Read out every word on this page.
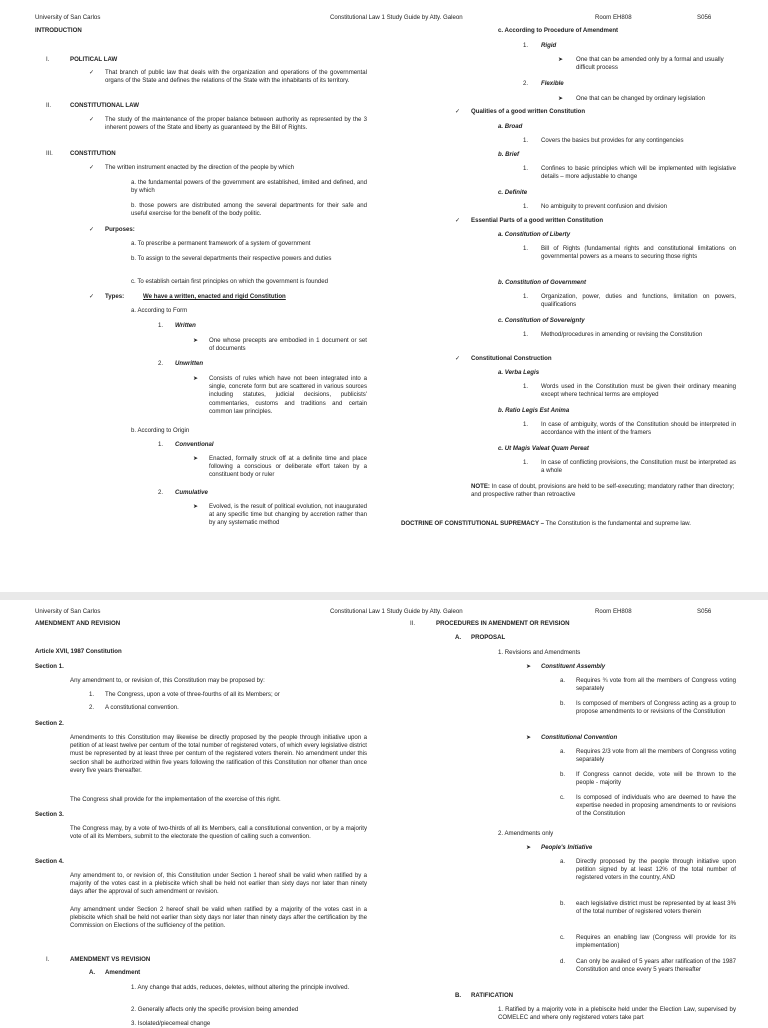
University of San Carlos	Constitutional Law 1 Study Guide by Atty. Galeon	Room EH808	S056
INTRODUCTION
I.	POLITICAL LAW
✓ That branch of public law that deals with the organization and operations of the governmental organs of the State and defines the relations of the State with the inhabitants of its territory.
II.	CONSTITUTIONAL LAW
✓ The study of the maintenance of the proper balance between authority as represented by the 3 inherent powers of the State and liberty as guaranteed by the Bill of Rights.
III.	CONSTITUTION
✓ The written instrument enacted by the direction of the people by which
a. the fundamental powers of the government are established, limited and defined, and by which
b. those powers are distributed among the several departments for their safe and useful exercise for the benefit of the body politic.
✓ Purposes:
a. To prescribe a permanent framework of a system of government
b. To assign to the several departments their respective powers and duties
c. To establish certain first principles on which the government is founded
✓ Types:	We have a written, enacted and rigid Constitution
a. According to Form
1. Written
➤ One whose precepts are embodied in 1 document or set of documents
2. Unwritten
➤ Consists of rules which have not been integrated into a single, concrete form but are scattered in various sources including statutes, judicial decisions, publicists' commentaries, customs and traditions and certain common law principles.
b. According to Origin
1. Conventional
➤ Enacted, formally struck off at a definite time and place following a conscious or deliberate effort taken by a constituent body or ruler
2. Cumulative
➤ Evolved, is the result of political evolution, not inaugurated at any specific time but changing by accretion rather than by any systematic method
c. According to Procedure of Amendment
1. Rigid
➤ One that can be amended only by a formal and usually difficult process
2. Flexible
➤ One that can be changed by ordinary legislation
✓ Qualities of a good written Constitution
a. Broad
1. Covers the basics but provides for any contingencies
b. Brief
1. Confines to basic principles which will be implemented with legislative details – more adjustable to change
c. Definite
1. No ambiguity to prevent confusion and division
✓ Essential Parts of a good written Constitution
a. Constitution of Liberty
1. Bill of Rights (fundamental rights and constitutional limitations on governmental powers as a means to securing those rights
b. Constitution of Government
1. Organization, power, duties and functions, limitation on powers, qualifications
c. Constitution of Sovereignty
1. Method/procedures in amending or revising the Constitution
✓ Constitutional Construction
a. Verba Legis
1. Words used in the Constitution must be given their ordinary meaning except where technical terms are employed
b. Ratio Legis Est Anima
1. In case of ambiguity, words of the Constitution should be interpreted in accordance with the intent of the framers
c. Ut Magis Valeat Quam Pereat
1. In case of conflicting provisions, the Constitution must be interpreted as a whole
NOTE: In case of doubt, provisions are held to be self-executing; mandatory rather than directory; and prospective rather than retroactive
DOCTRINE OF CONSTITUTIONAL SUPREMACY – The Constitution is the fundamental and supreme law.
University of San Carlos	Constitutional Law 1 Study Guide by Atty. Galeon	Room EH808	S056
AMENDMENT AND REVISION
Article XVII, 1987 Constitution
Section 1.
Any amendment to, or revision of, this Constitution may be proposed by:
1. The Congress, upon a vote of three-fourths of all its Members; or
2. A constitutional convention.
Section 2.
Amendments to this Constitution may likewise be directly proposed by the people through initiative upon a petition of at least twelve per centum of the total number of registered voters, of which every legislative district must be represented by at least three per centum of the registered voters therein. No amendment under this section shall be authorized within five years following the ratification of this Constitution nor oftener than once every five years thereafter.
The Congress shall provide for the implementation of the exercise of this right.
Section 3.
The Congress may, by a vote of two-thirds of all its Members, call a constitutional convention, or by a majority vote of all its Members, submit to the electorate the question of calling such a convention.
Section 4.
Any amendment to, or revision of, this Constitution under Section 1 hereof shall be valid when ratified by a majority of the votes cast in a plebiscite which shall be held not earlier than sixty days nor later than ninety days after the approval of such amendment or revision.
Any amendment under Section 2 hereof shall be valid when ratified by a majority of the votes cast in a plebiscite which shall be held not earlier than sixty days nor later than ninety days after the certification by the Commission on Elections of the sufficiency of the petition.
I.	AMENDMENT VS REVISION
A. Amendment
1. Any change that adds, reduces, deletes, without altering the principle involved.
2. Generally affects only the specific provision being amended
3. Isolated/piecemeal change
II.	PROCEDURES IN AMENDMENT OR REVISION
A. PROPOSAL
1. Revisions and Amendments
➤ Constituent Assembly
a. Requires ¾ vote from all the members of Congress voting separately
b. Is composed of members of Congress acting as a group to propose amendments to or revisions of the Constitution
➤ Constitutional Convention
a. Requires 2/3 vote from all the members of Congress voting separately
b. If Congress cannot decide, vote will be thrown to the people - majority
c. Is composed of individuals who are deemed to have the expertise needed in proposing amendments to or revisions of the Constitution
2. Amendments only
➤ People's Initiative
a. Directly proposed by the people through initiative upon petition signed by at least 12% of the total number of registered voters in the country, AND
b. each legislative district must be represented by at least 3% of the total number of registered voters therein
c. Requires an enabling law (Congress will provide for its implementation)
d. Can only be availed of 5 years after ratification of the 1987 Constitution and once every 5 years thereafter
B. RATIFICATION
1. Ratified by a majority vote in a plebiscite held under the Election Law, supervised by COMELEC and where only registered voters take part
